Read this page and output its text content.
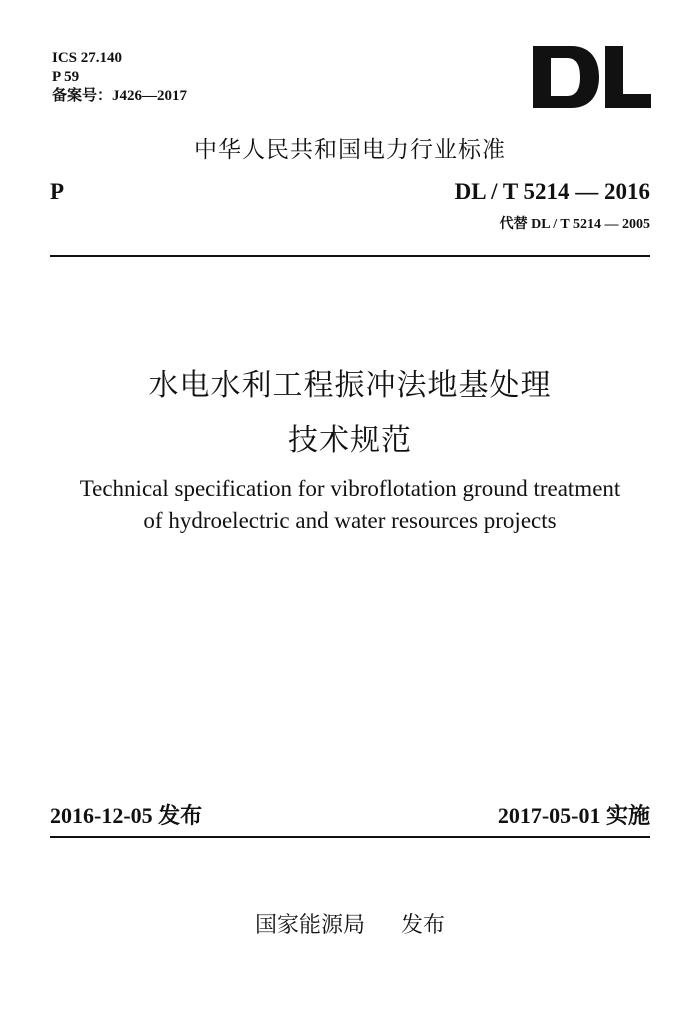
ICS 27.140
P 59
备案号：J426—2017
中华人民共和国电力行业标准
P	DL / T 5214 — 2016
代替 DL / T 5214 — 2005
水电水利工程振冲法地基处理
技术规范
Technical specification for vibroflotation ground treatment
of hydroelectric and water resources projects
2016-12-05 发布	2017-05-01 实施
国家能源局 发布
